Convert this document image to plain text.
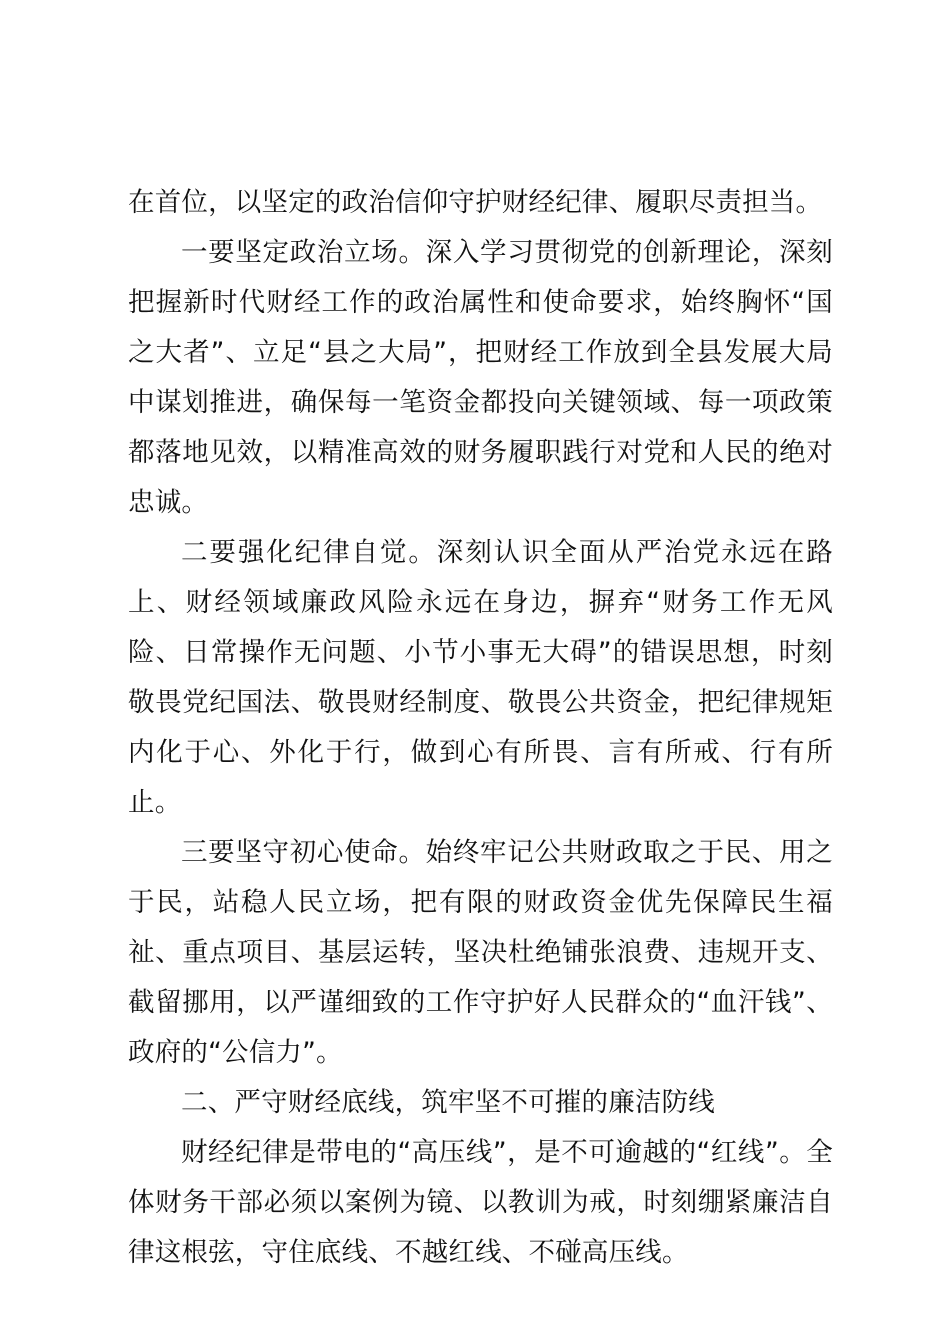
在首位，以坚定的政治信仰守护财经纪律、履职尽责担当。

一要坚定政治立场。深入学习贯彻党的创新理论，深刻把握新时代财经工作的政治属性和使命要求，始终胸怀“国之大者”、立足“县之大局”，把财经工作放到全县发展大局中谋划推进，确保每一笔资金都投向关键领域、每一项政策都落地见效，以精准高效的财务履职践行对党和人民的绝对忠诚。

二要强化纪律自觉。深刻认识全面从严治党永远在路上、财经领域廉政风险永远在身边，摒弃“财务工作无风险、日常操作无问题、小节小事无大碍”的错误思想，时刻敬畏党纪国法、敬畏财经制度、敬畏公共资金，把纪律规矩内化于心、外化于行，做到心有所畏、言有所戒、行有所止。

三要坚守初心使命。始终牢记公共财政取之于民、用之于民，站稳人民立场，把有限的财政资金优先保障民生福祉、重点项目、基层运转，坚决杜绝铺张浪费、违规开支、截留挪用，以严谨细致的工作守护好人民群众的“血汗钱”、政府的“公信力”。

二、严守财经底线，筑牢坚不可摧的廉洁防线

财经纪律是带电的“高压线”，是不可逾越的“红线”。全体财务干部必须以案例为镜、以教训为戒，时刻绷紧廉洁自律这根弦，守住底线、不越红线、不碰高压线。
